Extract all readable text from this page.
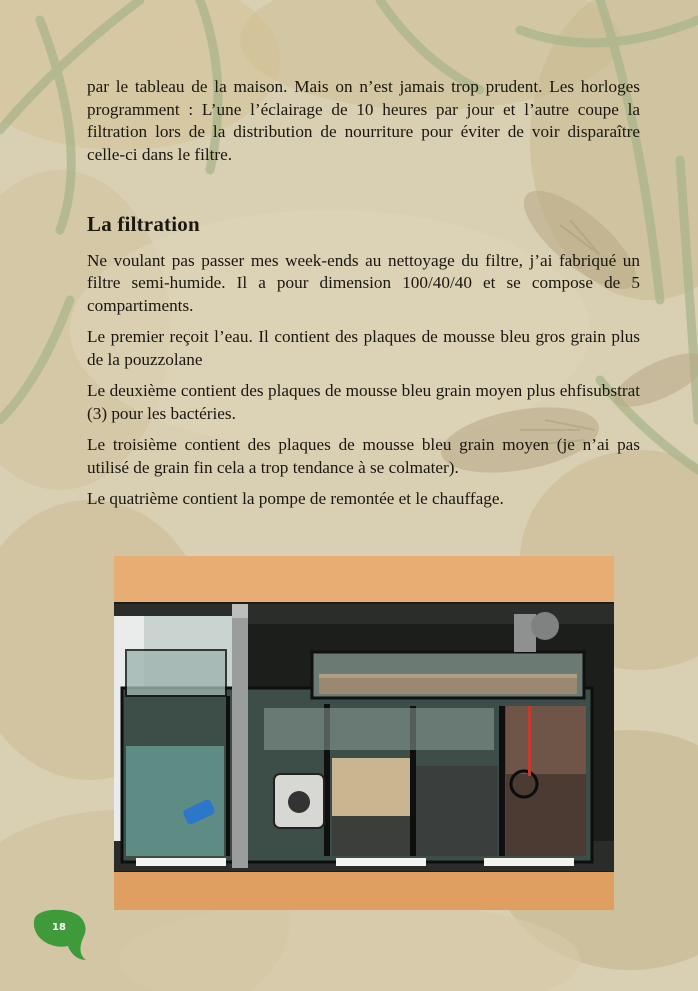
par le tableau de la maison. Mais on n’est jamais trop prudent. Les horloges programment : L’une l’éclairage de 10 heures par jour et l’autre coupe la filtration lors de la distribution de nourriture pour éviter de voir disparaître celle-ci dans le filtre.

La filtration

Ne voulant pas passer mes week-ends au nettoyage du filtre, j’ai fabriqué un filtre semi-humide. Il a pour dimension 100/40/40 et se compose de 5 compartiments.

Le premier reçoit l’eau. Il contient des plaques de mousse bleu gros grain plus de la pouzzolane

Le deuxième contient des plaques de mousse bleu grain moyen plus ehfisubstrat (3) pour les bactéries.

Le troisième contient des plaques de mousse bleu grain moyen (je n’ai pas utilisé de grain fin cela a trop tendance à se colmater).

Le quatrième contient la pompe de remontée et le chauffage.

18
